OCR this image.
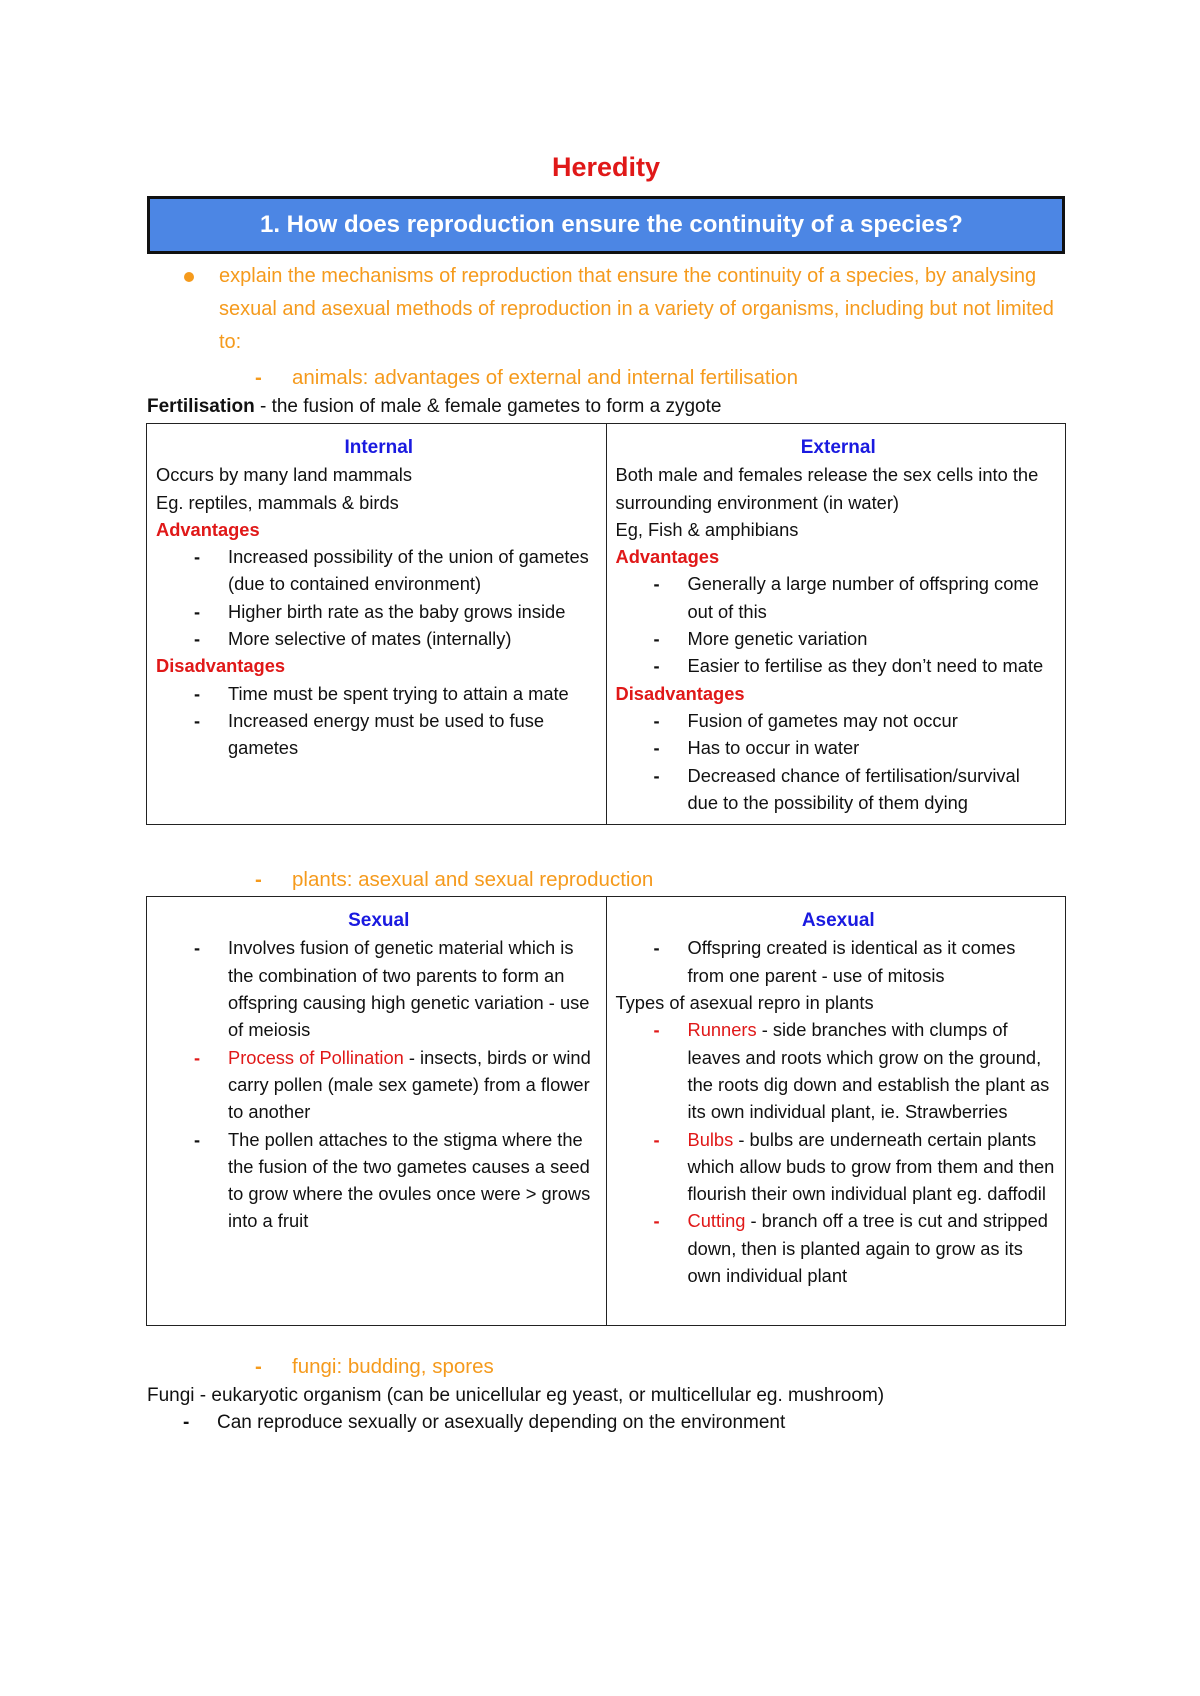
Heredity
1. How does reproduction ensure the continuity of a species?
explain the mechanisms of reproduction that ensure the continuity of a species, by analysing sexual and asexual methods of reproduction in a variety of organisms, including but not limited to:
- animals: advantages of external and internal fertilisation
Fertilisation - the fusion of male & female gametes to form a zygote
Internal
Occurs by many land mammals
Eg. reptiles, mammals & birds
Advantages
- Increased possibility of the union of gametes (due to contained environment)
- Higher birth rate as the baby grows inside
- More selective of mates (internally)
Disadvantages
- Time must be spent trying to attain a mate
- Increased energy must be used to fuse gametes

External
Both male and females release the sex cells into the surrounding environment (in water)
Eg, Fish & amphibians
Advantages
- Generally a large number of offspring come out of this
- More genetic variation
- Easier to fertilise as they don’t need to mate
Disadvantages
- Fusion of gametes may not occur
- Has to occur in water
- Decreased chance of fertilisation/survival due to the possibility of them dying
- plants: asexual and sexual reproduction
Sexual
- Involves fusion of genetic material which is the combination of two parents to form an offspring causing high genetic variation - use of meiosis
- Process of Pollination - insects, birds or wind carry pollen (male sex gamete) from a flower to another
- The pollen attaches to the stigma where the the fusion of the two gametes causes a seed to grow where the ovules once were > grows into a fruit

Asexual
- Offspring created is identical as it comes from one parent - use of mitosis
Types of asexual repro in plants
- Runners - side branches with clumps of leaves and roots which grow on the ground, the roots dig down and establish the plant as its own individual plant, ie. Strawberries
- Bulbs - bulbs are underneath certain plants which allow buds to grow from them and then flourish their own individual plant eg. daffodil
- Cutting - branch off a tree is cut and stripped down, then is planted again to grow as its own individual plant
- fungi: budding, spores
Fungi - eukaryotic organism (can be unicellular eg yeast, or multicellular eg. mushroom)
- Can reproduce sexually or asexually depending on the environment
